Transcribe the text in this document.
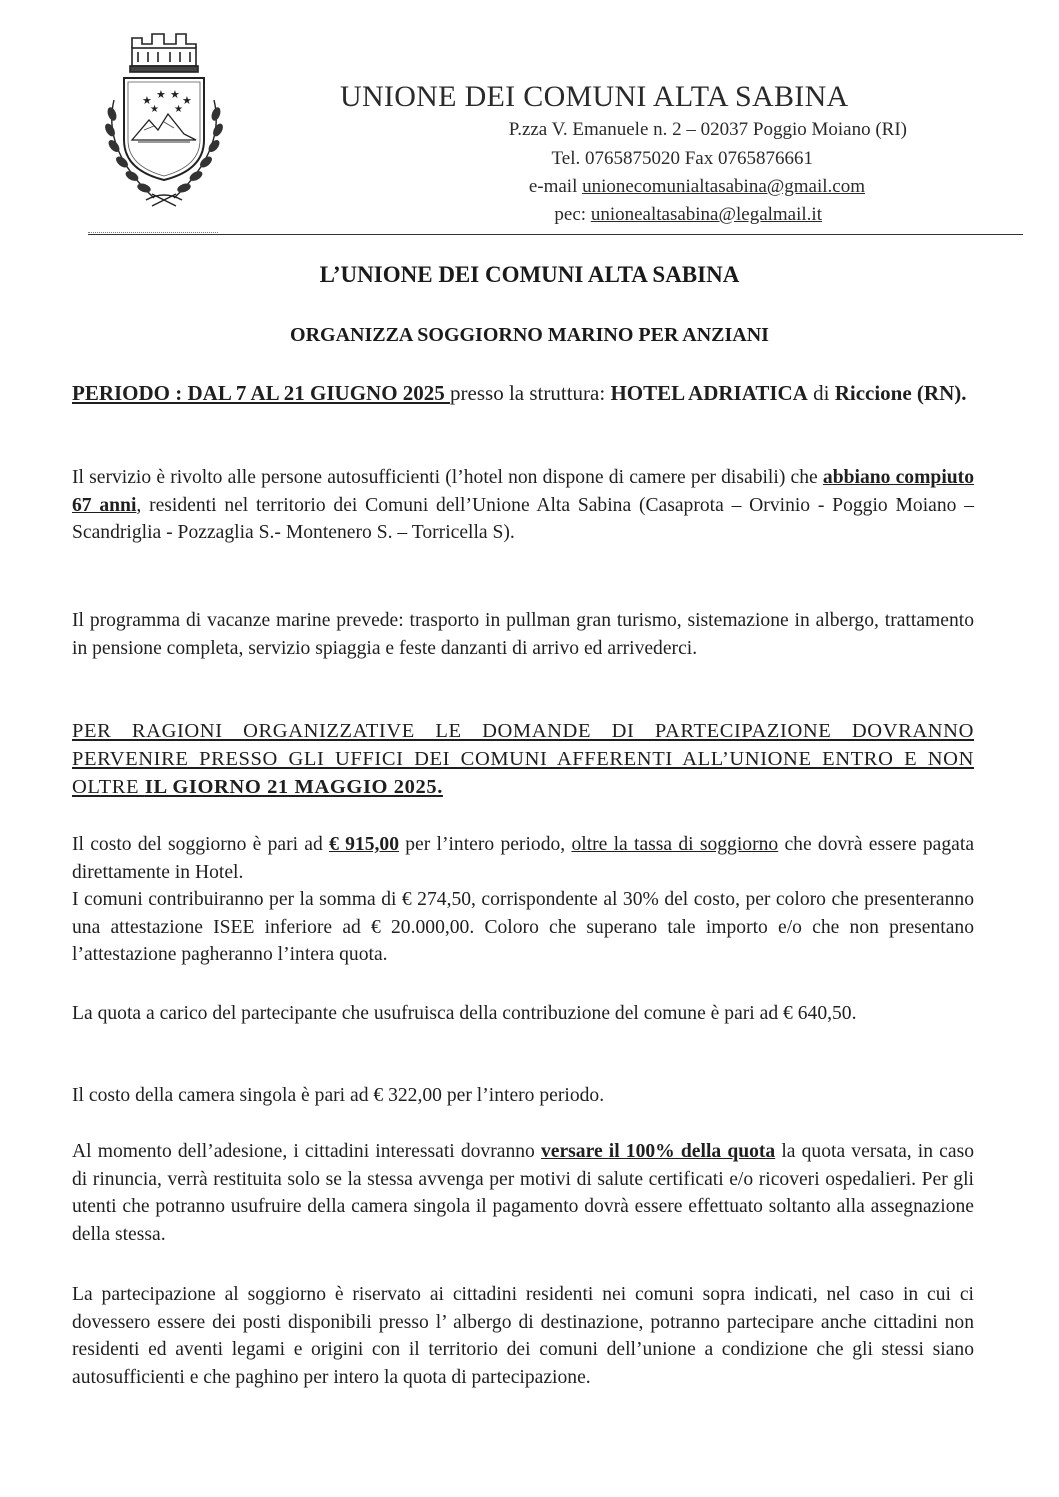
★ ★ ★ ★
★ ★	UNIONE DEI COMUNI ALTA SABINA
P.zza V. Emanuele n. 2 – 02037 Poggio Moiano (RI)
Tel. 0765875020 Fax 0765876661
e-mail unionecomunialtasabina@gmail.com
pec: unionealtasabina@legalmail.it
L’UNIONE DEI COMUNI ALTA SABINA
ORGANIZZA SOGGIORNO MARINO PER ANZIANI
PERIODO : DAL 7 AL 21 GIUGNO 2025 presso la struttura: HOTEL ADRIATICA di Riccione (RN).
Il servizio è rivolto alle persone autosufficienti (l’hotel non dispone di camere per disabili) che abbiano compiuto 67 anni, residenti nel territorio dei Comuni dell’Unione Alta Sabina (Casaprota – Orvinio - Poggio Moiano – Scandriglia - Pozzaglia S.- Montenero S. – Torricella S).
Il programma di vacanze marine prevede: trasporto in pullman gran turismo, sistemazione in albergo, trattamento in pensione completa, servizio spiaggia e feste danzanti di arrivo ed arrivederci.
PER RAGIONI ORGANIZZATIVE LE DOMANDE DI PARTECIPAZIONE DOVRANNO PERVENIRE PRESSO GLI UFFICI DEI COMUNI AFFERENTI ALL’UNIONE ENTRO E NON OLTRE IL GIORNO 21 MAGGIO 2025.
Il costo del soggiorno è pari ad € 915,00 per l’intero periodo, oltre la tassa di soggiorno che dovrà essere pagata direttamente in Hotel.
I comuni contribuiranno per la somma di € 274,50, corrispondente al 30% del costo, per coloro che presenteranno una attestazione ISEE inferiore ad € 20.000,00. Coloro che superano tale importo e/o che non presentano l’attestazione pagheranno l’intera quota.
La quota a carico del partecipante che usufruisca della contribuzione del comune è pari ad € 640,50.
Il costo della camera singola è pari ad € 322,00 per l’intero periodo.
Al momento dell’adesione, i cittadini interessati dovranno versare il 100% della quota la quota versata, in caso di rinuncia, verrà restituita solo se la stessa avvenga per motivi di salute certificati e/o ricoveri ospedalieri. Per gli utenti che potranno usufruire della camera singola il pagamento dovrà essere effettuato soltanto alla assegnazione della stessa.
La partecipazione al soggiorno è riservato ai cittadini residenti nei comuni sopra indicati, nel caso in cui ci dovessero essere dei posti disponibili presso l’ albergo di destinazione, potranno partecipare anche cittadini non residenti ed aventi legami e origini con il territorio dei comuni dell’unione a condizione che gli stessi siano autosufficienti e che paghino per intero la quota di partecipazione.
